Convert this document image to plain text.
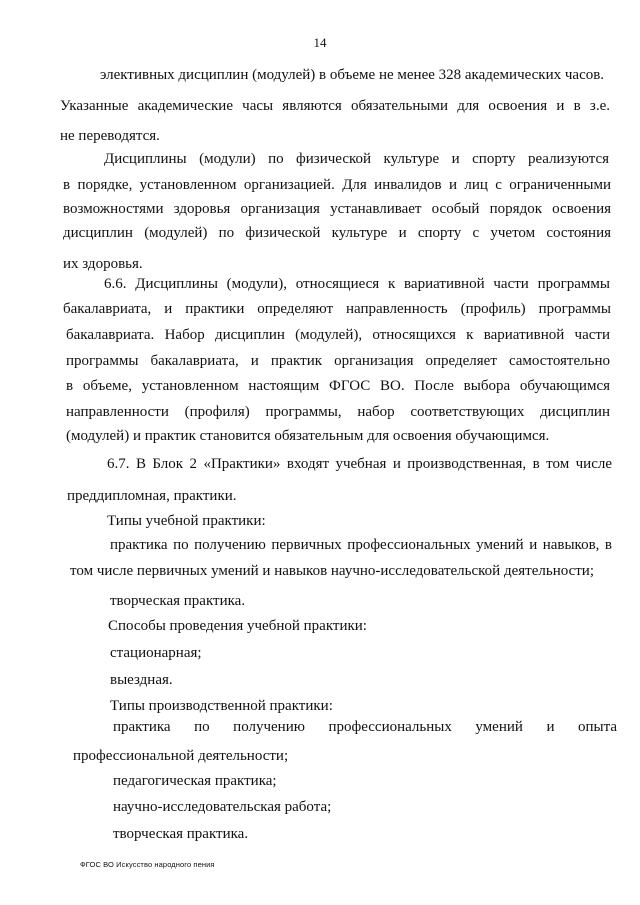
14
элективных дисциплин (модулей) в объеме не менее 328 академических часов.
Указанные академические часы являются обязательными для освоения и в з.е.
не переводятся.
Дисциплины (модули) по физической культуре и спорту реализуются
в порядке, установленном организацией. Для инвалидов и лиц с ограниченными
возможностями здоровья организация устанавливает особый порядок освоения
дисциплин (модулей) по физической культуре и спорту с учетом состояния
их здоровья.
6.6. Дисциплины (модули), относящиеся к вариативной части программы
бакалавриата, и практики определяют направленность (профиль) программы
бакалавриата. Набор дисциплин (модулей), относящихся к вариативной части
программы бакалавриата, и практик организация определяет самостоятельно
в объеме, установленном настоящим ФГОС ВО. После выбора обучающимся
направленности (профиля) программы, набор соответствующих дисциплин
(модулей) и практик становится обязательным для освоения обучающимся.
6.7. В Блок 2 «Практики» входят учебная и производственная, в том числе
преддипломная, практики.
Типы учебной практики:
практика по получению первичных профессиональных умений и навыков, в
том числе первичных умений и навыков научно-исследовательской деятельности;
творческая практика.
Способы проведения учебной практики:
стационарная;
выездная.
Типы производственной практики:
практика по получению профессиональных умений и опыта
профессиональной деятельности;
педагогическая практика;
научно-исследовательская работа;
творческая практика.
ФГОС ВО Искусство народного пения
